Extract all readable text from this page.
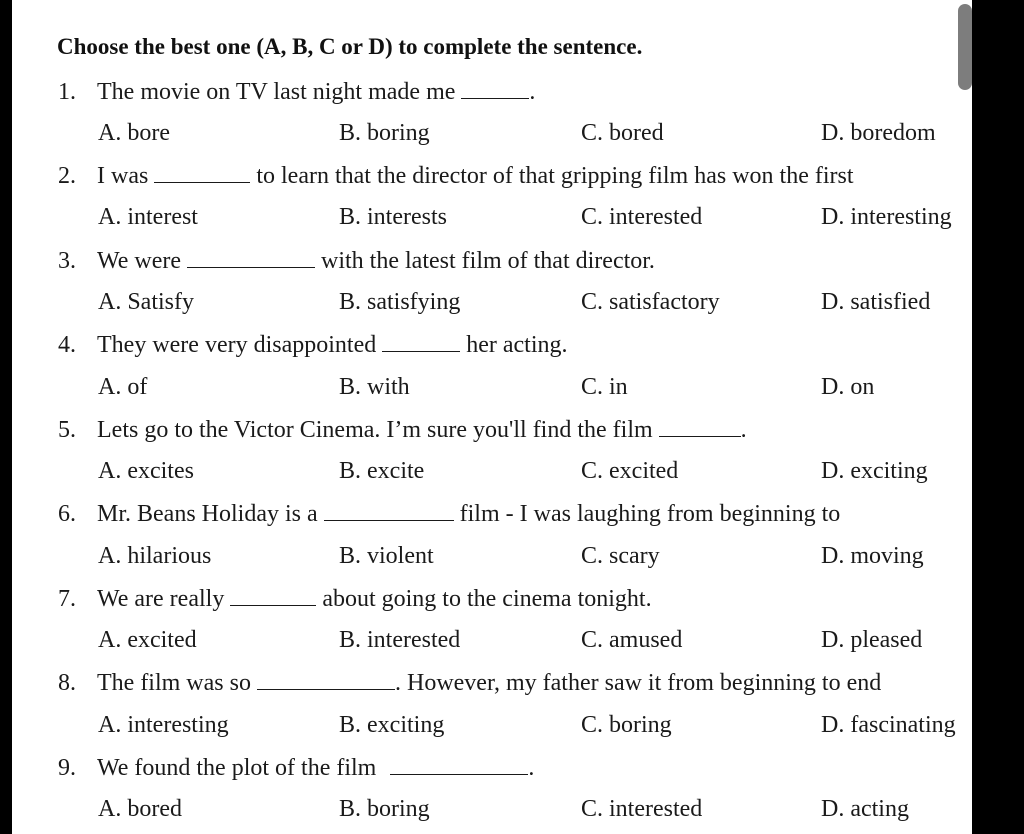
Choose the best one (A, B, C or D) to complete the sentence.

1. The movie on TV last night made me	.
A. bore	B. boring	C. bored	D. boredom
2. I was	to learn that the director of that gripping film has won the first
A. interest	B. interests	C. interested	D. interesting
3. We were	with the latest film of that director.
A. Satisfy	B. satisfying	C. satisfactory	D. satisfied
4. They were very disappointed	her acting.
A. of	B. with	C. in	D. on
5. Lets go to the Victor Cinema. I’m sure you'll find the film	.
A. excites	B. excite	C. excited	D. exciting
6. Mr. Beans Holiday is a	film - I was laughing from beginning to
A. hilarious	B. violent	C. scary	D. moving
7. We are really	about going to the cinema tonight.
A. excited	B. interested	C. amused	D. pleased
8. The film was so	. However, my father saw it from beginning to end
A. interesting	B. exciting	C. boring	D. fascinating
9. We found the plot of the film	.
A. bored	B. boring	C. interested	D. acting
